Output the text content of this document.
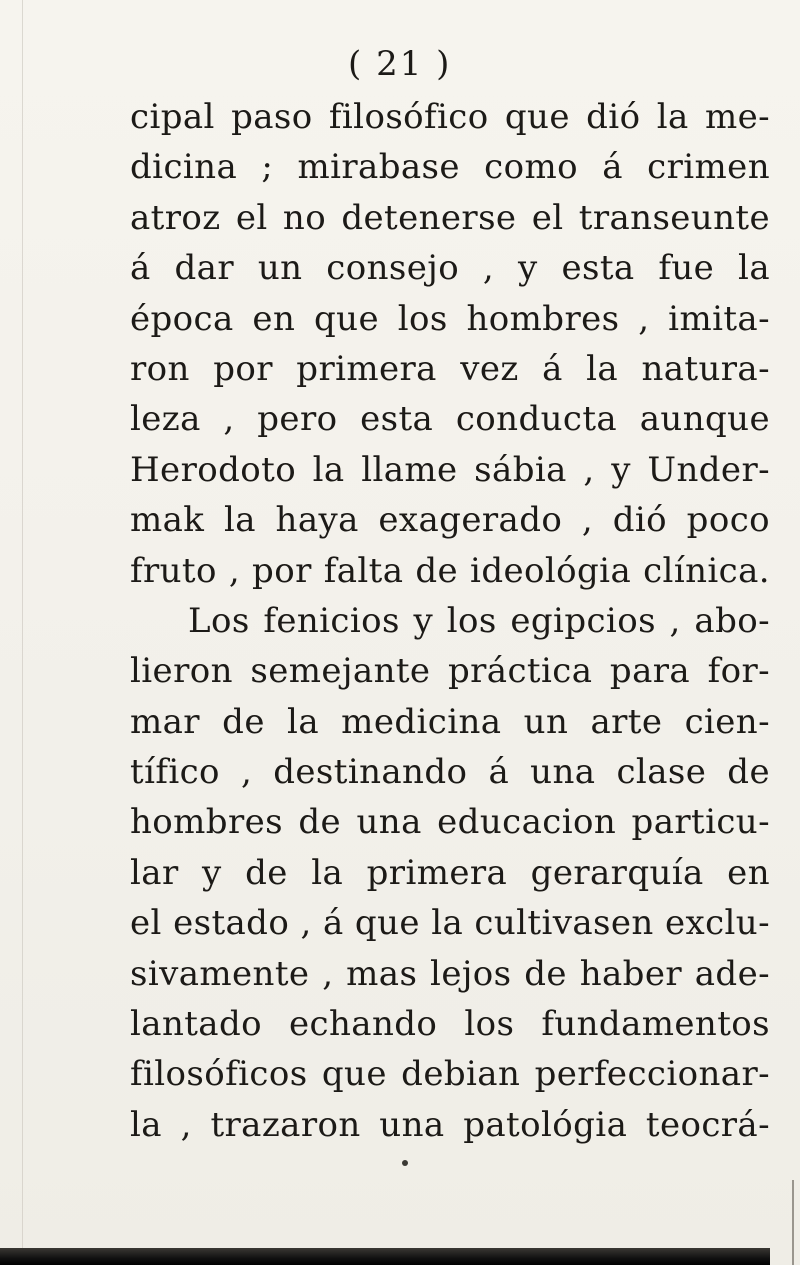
( 21 )
cipal paso filosófico que dió la me-
dicina ; mirabase como á crimen
atroz el no detenerse el transeunte
á dar un consejo , y esta fue la
época en que los hombres , imita-
ron por primera vez á la natura-
leza , pero esta conducta aunque
Herodoto la llame sábia , y Under-
mak la haya exagerado , dió poco
fruto , por falta de ideológia clínica.
Los fenicios y los egipcios , abo-
lieron semejante práctica para for-
mar de la medicina un arte cien-
tífico , destinando á una clase de
hombres de una educacion particu-
lar y de la primera gerarquía en
el estado , á que la cultivasen exclu-
sivamente , mas lejos de haber ade-
lantado echando los fundamentos
filosóficos que debian perfeccionar-
la , trazaron una patológia teocrá-
